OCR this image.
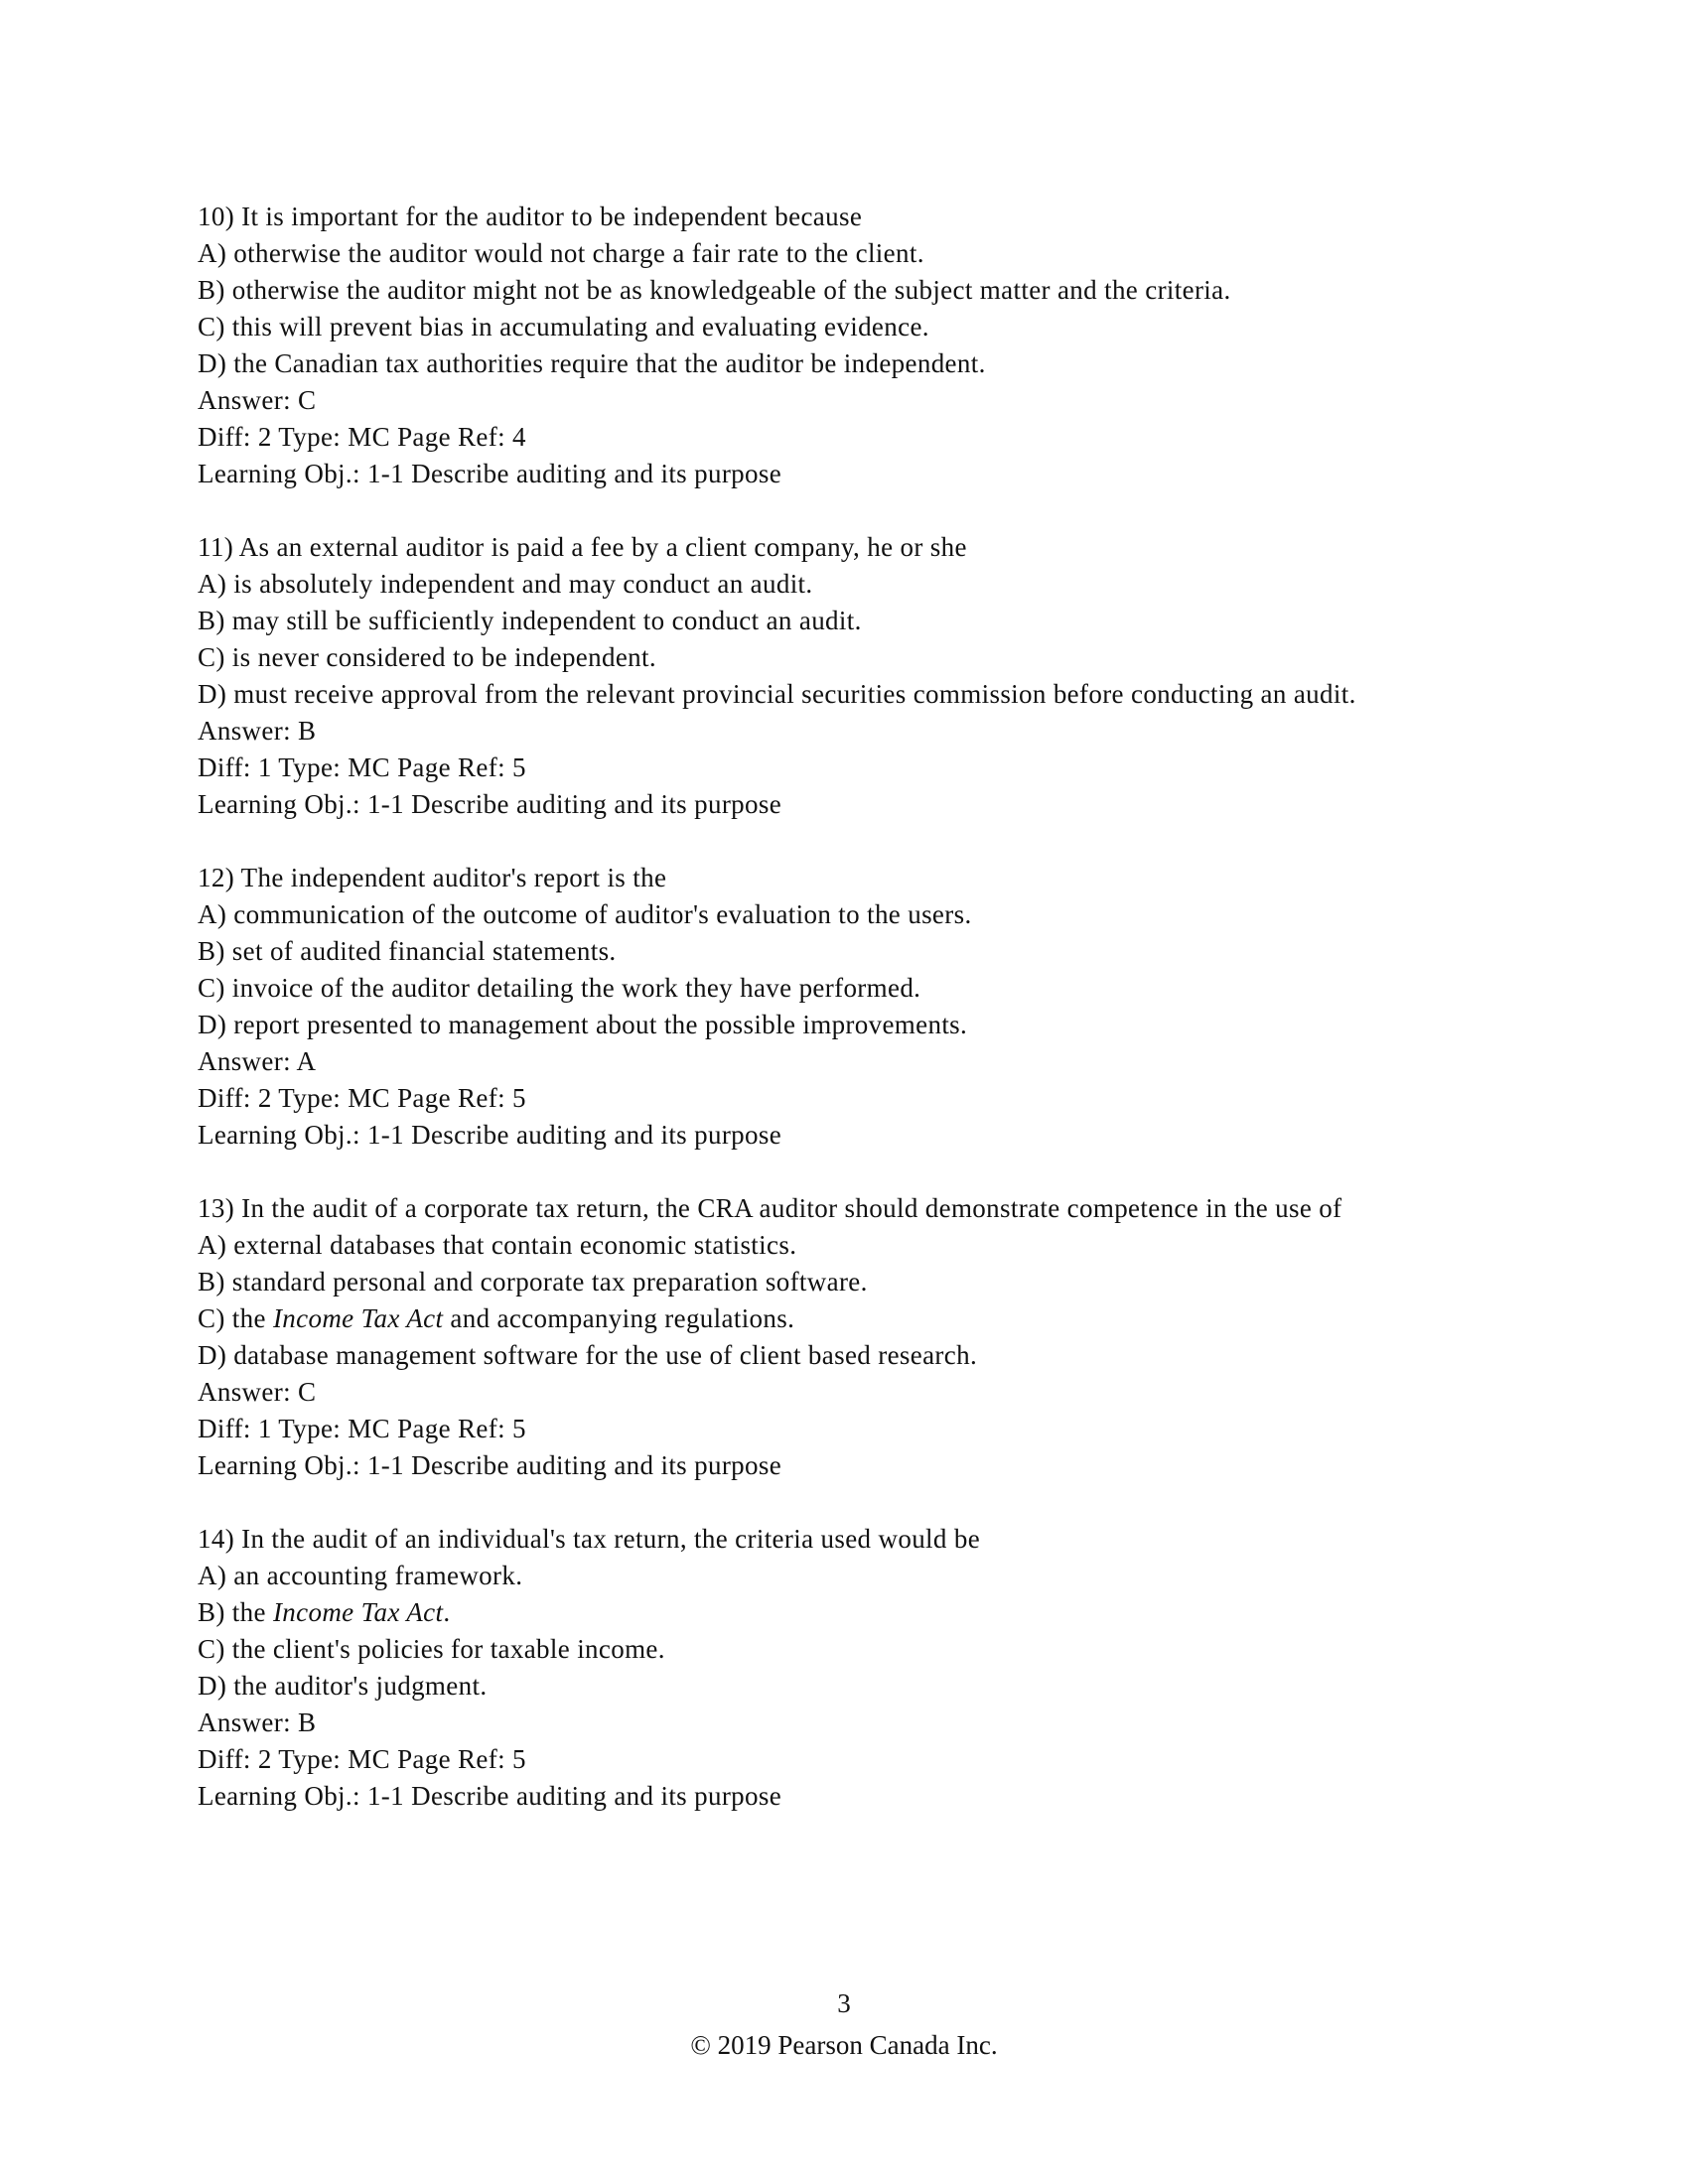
10) It is important for the auditor to be independent because
A) otherwise the auditor would not charge a fair rate to the client.
B) otherwise the auditor might not be as knowledgeable of the subject matter and the criteria.
C) this will prevent bias in accumulating and evaluating evidence.
D) the Canadian tax authorities require that the auditor be independent.
Answer: C
Diff: 2 Type: MC Page Ref: 4
Learning Obj.: 1-1 Describe auditing and its purpose
11) As an external auditor is paid a fee by a client company, he or she
A) is absolutely independent and may conduct an audit.
B) may still be sufficiently independent to conduct an audit.
C) is never considered to be independent.
D) must receive approval from the relevant provincial securities commission before conducting an audit.
Answer: B
Diff: 1 Type: MC Page Ref: 5
Learning Obj.: 1-1 Describe auditing and its purpose
12) The independent auditor's report is the
A) communication of the outcome of auditor's evaluation to the users.
B) set of audited financial statements.
C) invoice of the auditor detailing the work they have performed.
D) report presented to management about the possible improvements.
Answer: A
Diff: 2 Type: MC Page Ref: 5
Learning Obj.: 1-1 Describe auditing and its purpose
13) In the audit of a corporate tax return, the CRA auditor should demonstrate competence in the use of
A) external databases that contain economic statistics.
B) standard personal and corporate tax preparation software.
C) the Income Tax Act and accompanying regulations.
D) database management software for the use of client based research.
Answer: C
Diff: 1 Type: MC Page Ref: 5
Learning Obj.: 1-1 Describe auditing and its purpose
14) In the audit of an individual's tax return, the criteria used would be
A) an accounting framework.
B) the Income Tax Act.
C) the client's policies for taxable income.
D) the auditor's judgment.
Answer: B
Diff: 2 Type: MC Page Ref: 5
Learning Obj.: 1-1 Describe auditing and its purpose
3
© 2019 Pearson Canada Inc.
